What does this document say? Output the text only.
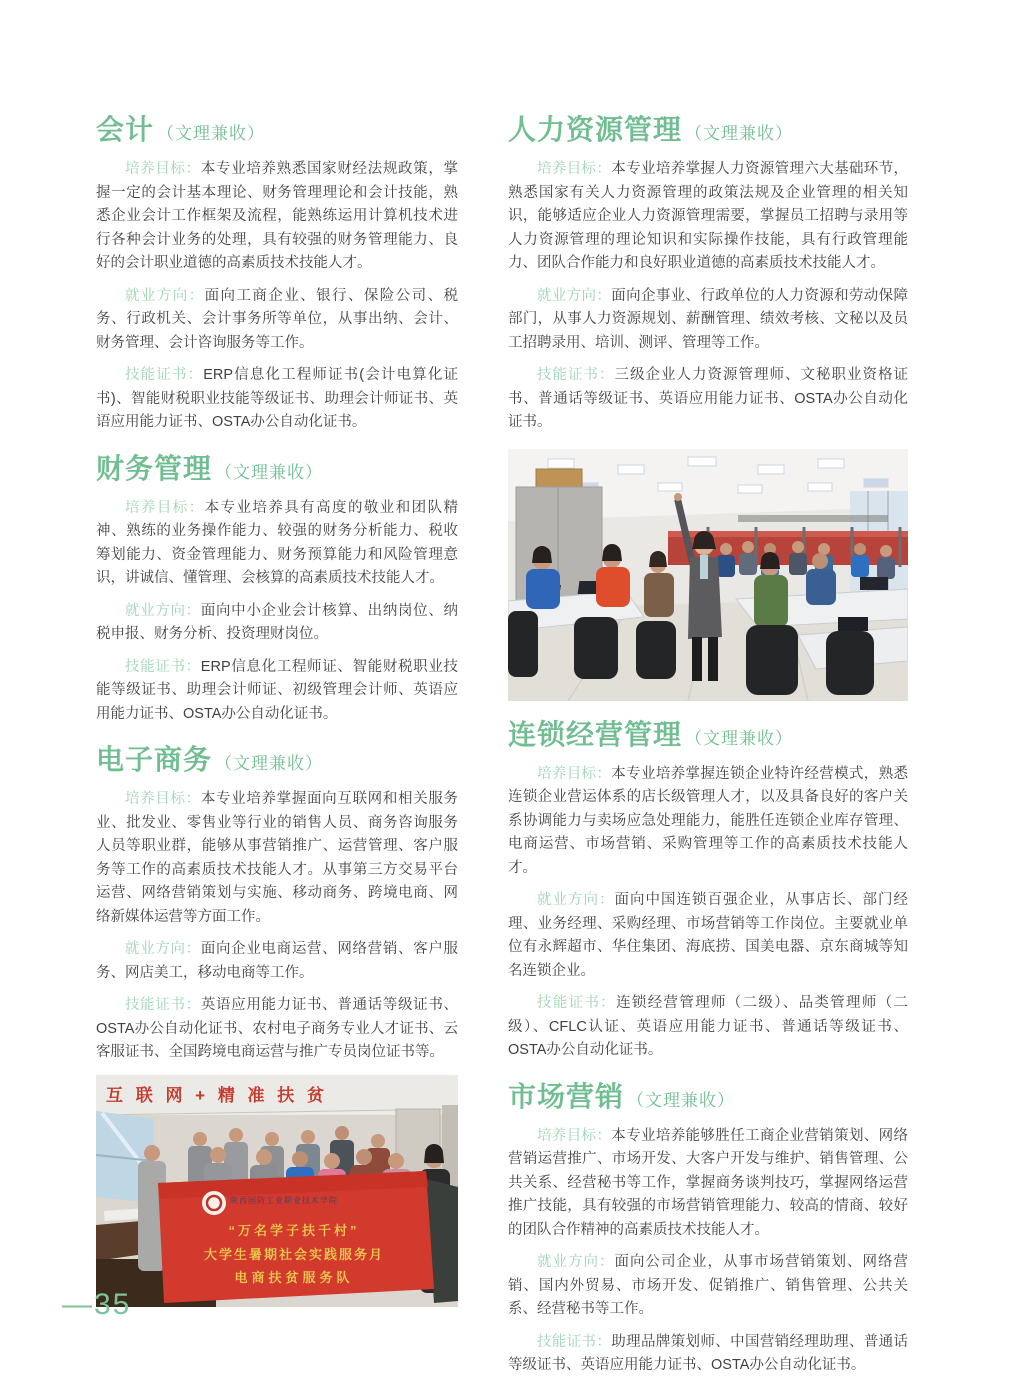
会计 （文理兼收）

培养目标：本专业培养熟悉国家财经法规政策，掌握一定的会计基本理论、财务管理理论和会计技能，熟悉企业会计工作框架及流程，能熟练运用计算机技术进行各种会计业务的处理，具有较强的财务管理能力、良好的会计职业道德的高素质技术技能人才。

就业方向：面向工商企业、银行、保险公司、税务、行政机关、会计事务所等单位，从事出纳、会计、财务管理、会计咨询服务等工作。

技能证书：ERP信息化工程师证书(会计电算化证书)、智能财税职业技能等级证书、助理会计师证书、英语应用能力证书、OSTA办公自动化证书。

财务管理 （文理兼收）

培养目标：本专业培养具有高度的敬业和团队精神、熟练的业务操作能力、较强的财务分析能力、税收筹划能力、资金管理能力、财务预算能力和风险管理意识，讲诚信、懂管理、会核算的高素质技术技能人才。

就业方向：面向中小企业会计核算、出纳岗位、纳税申报、财务分析、投资理财岗位。

技能证书：ERP信息化工程师证、智能财税职业技能等级证书、助理会计师证、初级管理会计师、英语应用能力证书、OSTA办公自动化证书。

电子商务 （文理兼收）

培养目标：本专业培养掌握面向互联网和相关服务业、批发业、零售业等行业的销售人员、商务咨询服务人员等职业群，能够从事营销推广、运营管理、客户服务等工作的高素质技术技能人才。从事第三方交易平台运营、网络营销策划与实施、移动商务、跨境电商、网络新媒体运营等方面工作。

就业方向：面向企业电商运营、网络营销、客户服务、网店美工，移动电商等工作。

技能证书：英语应用能力证书、普通话等级证书、OSTA办公自动化证书、农村电子商务专业人才证书、云客服证书、全国跨境电商运营与推广专员岗位证书等。

互 联 网 + 精 准 扶 贫
陕西国防工业职业技术学院
“万名学子扶千村”
大学生暑期社会实践服务月
电商扶贫服务队
人力资源管理 （文理兼收）

培养目标：本专业培养掌握人力资源管理六大基础环节，熟悉国家有关人力资源管理的政策法规及企业管理的相关知识，能够适应企业人力资源管理需要，掌握员工招聘与录用等人力资源管理的理论知识和实际操作技能，具有行政管理能力、团队合作能力和良好职业道德的高素质技术技能人才。

就业方向：面向企事业、行政单位的人力资源和劳动保障部门，从事人力资源规划、薪酬管理、绩效考核、文秘以及员工招聘录用、培训、测评、管理等工作。

技能证书：三级企业人力资源管理师、文秘职业资格证书、普通话等级证书、英语应用能力证书、OSTA办公自动化证书。

连锁经营管理 （文理兼收）

培养目标：本专业培养掌握连锁企业特许经营模式，熟悉连锁企业营运体系的店长级管理人才，以及具备良好的客户关系协调能力与卖场应急处理能力，能胜任连锁企业库存管理、电商运营、市场营销、采购管理等工作的高素质技术技能人才。

就业方向：面向中国连锁百强企业，从事店长、部门经理、业务经理、采购经理、市场营销等工作岗位。主要就业单位有永辉超市、华住集团、海底捞、国美电器、京东商城等知名连锁企业。

技能证书：连锁经营管理师（二级）、品类管理师（二级）、CFLC认证、英语应用能力证书、普通话等级证书、OSTA办公自动化证书。

市场营销 （文理兼收）

培养目标：本专业培养能够胜任工商企业营销策划、网络营销运营推广、市场开发、大客户开发与维护、销售管理、公共关系、经营秘书等工作，掌握商务谈判技巧，掌握网络运营推广技能，具有较强的市场营销管理能力、较高的情商、较好的团队合作精神的高素质技术技能人才。

就业方向：面向公司企业，从事市场营销策划、网络营销、国内外贸易、市场开发、促销推广、销售管理、公共关系、经营秘书等工作。

技能证书：助理品牌策划师、中国营销经理助理、普通话等级证书、英语应用能力证书、OSTA办公自动化证书。

—35
